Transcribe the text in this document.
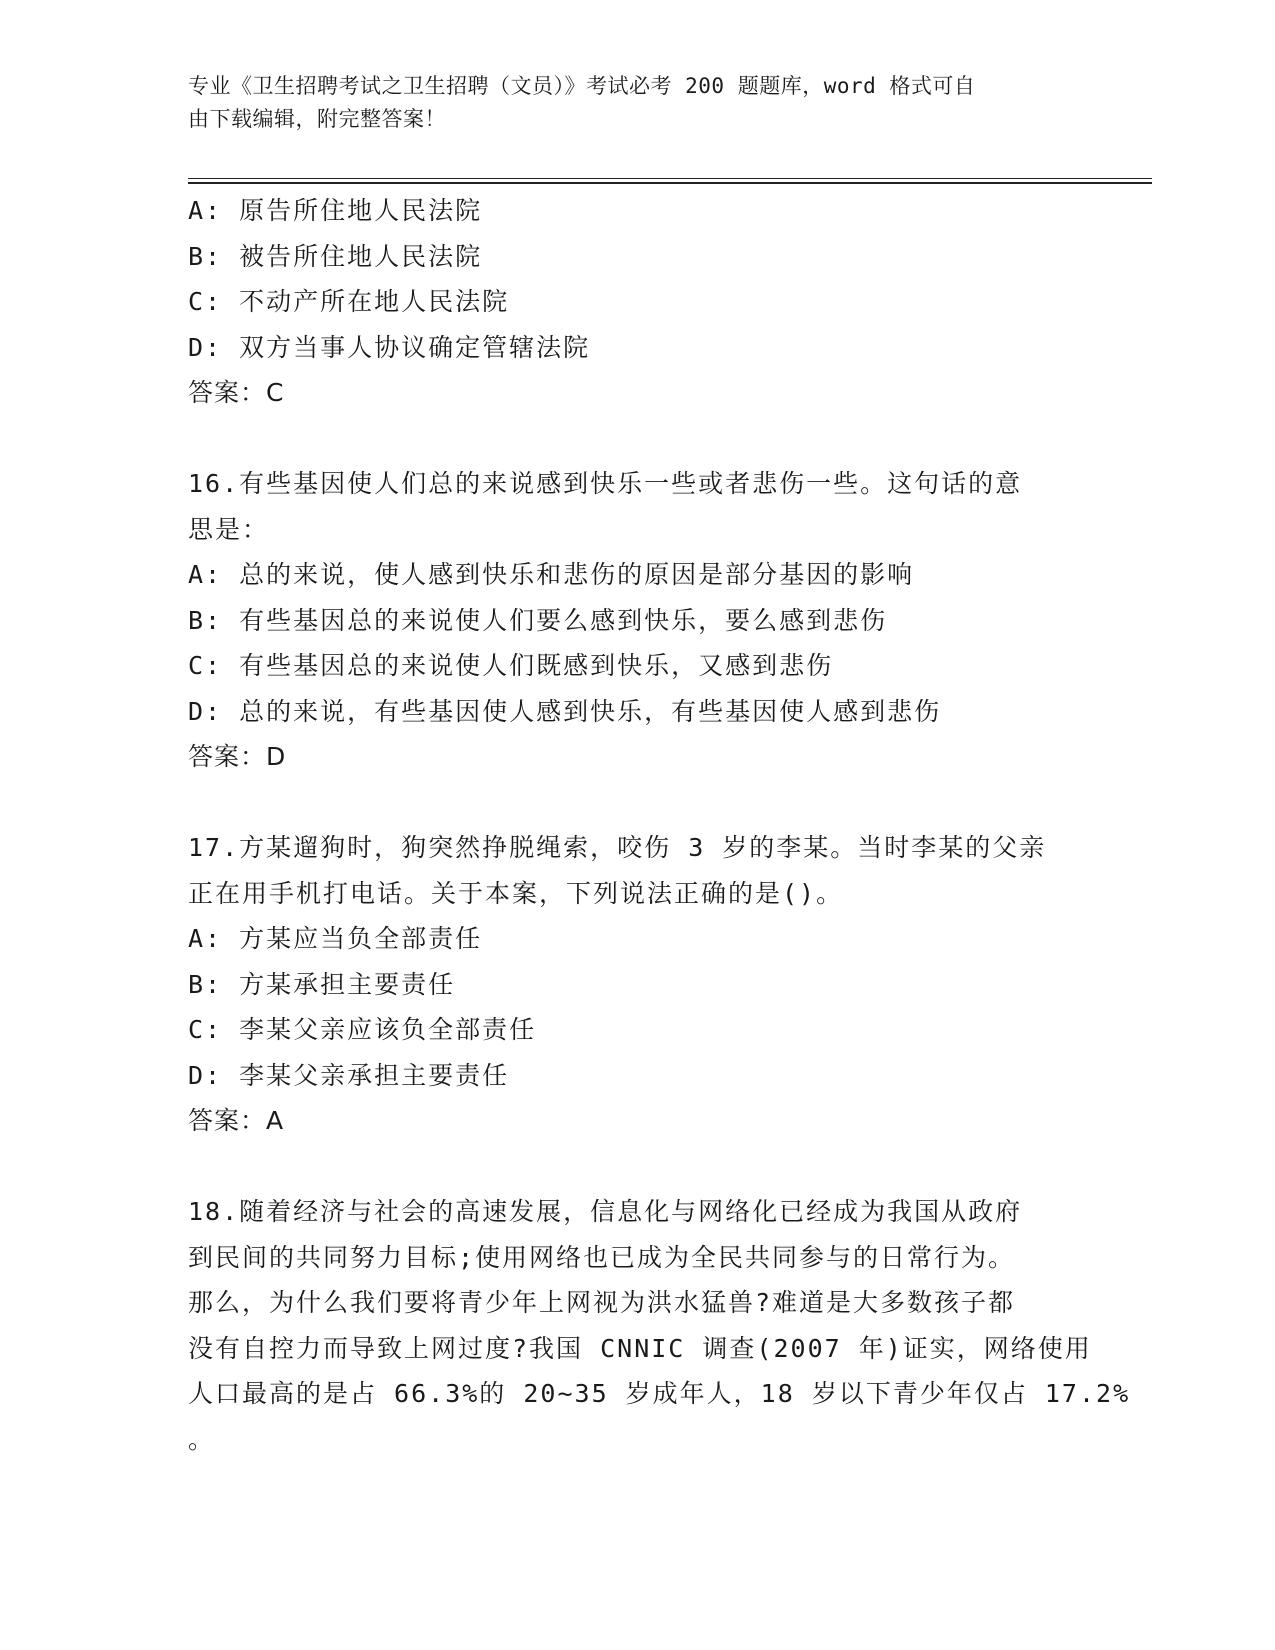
专业《卫生招聘考试之卫生招聘（文员）》考试必考 200 题题库，word 格式可自
由下载编辑，附完整答案！
A: 原告所住地人民法院
B: 被告所住地人民法院
C: 不动产所在地人民法院
D: 双方当事人协议确定管辖法院
答案：C
16.有些基因使人们总的来说感到快乐一些或者悲伤一些。这句话的意
思是：
A: 总的来说，使人感到快乐和悲伤的原因是部分基因的影响
B: 有些基因总的来说使人们要么感到快乐，要么感到悲伤
C: 有些基因总的来说使人们既感到快乐，又感到悲伤
D: 总的来说，有些基因使人感到快乐，有些基因使人感到悲伤
答案：D
17.方某遛狗时，狗突然挣脱绳索，咬伤 3 岁的李某。当时李某的父亲
正在用手机打电话。关于本案，下列说法正确的是()。
A: 方某应当负全部责任
B: 方某承担主要责任
C: 李某父亲应该负全部责任
D: 李某父亲承担主要责任
答案：A
18.随着经济与社会的高速发展，信息化与网络化已经成为我国从政府
到民间的共同努力目标;使用网络也已成为全民共同参与的日常行为。
那么，为什么我们要将青少年上网视为洪水猛兽?难道是大多数孩子都
没有自控力而导致上网过度?我国 CNNIC 调查(2007 年)证实，网络使用
人口最高的是占 66.3%的 20~35 岁成年人，18 岁以下青少年仅占 17.2%
。
